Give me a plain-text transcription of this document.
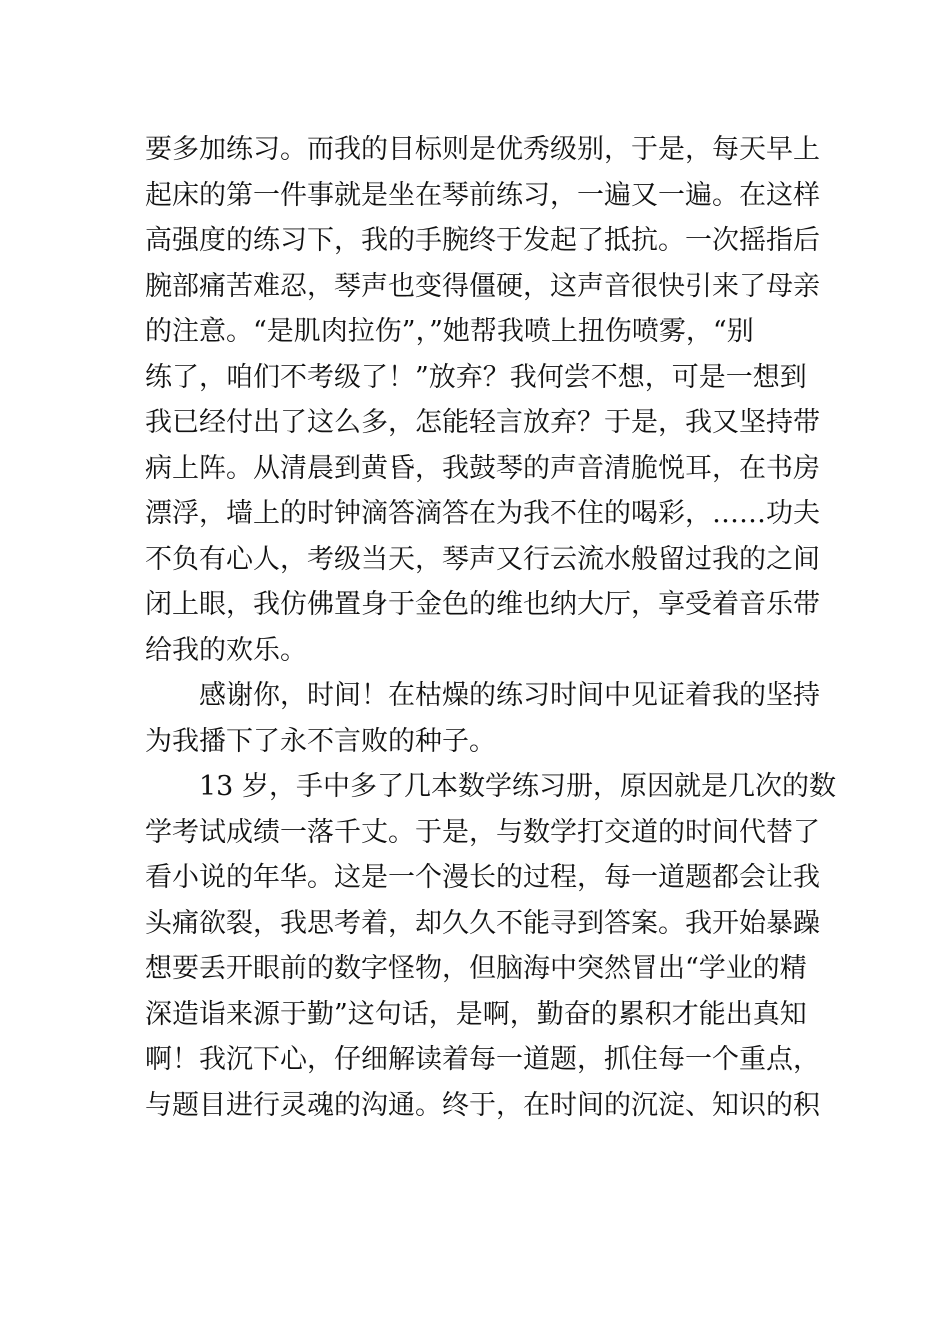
要多加练习。而我的目标则是优秀级别，于是，每天早上
起床的第一件事就是坐在琴前练习，一遍又一遍。在这样
高强度的练习下，我的手腕终于发起了抵抗。一次摇指后
腕部痛苦难忍，琴声也变得僵硬，这声音很快引来了母亲
的注意。“是肌肉拉伤”，”她帮我喷上扭伤喷雾，“别
练了，咱们不考级了！”放弃？我何尝不想，可是一想到
我已经付出了这么多，怎能轻言放弃？于是，我又坚持带
病上阵。从清晨到黄昏，我鼓琴的声音清脆悦耳，在书房
漂浮，墙上的时钟滴答滴答在为我不住的喝彩，……功夫
不负有心人，考级当天，琴声又行云流水般留过我的之间
闭上眼，我仿佛置身于金色的维也纳大厅，享受着音乐带
给我的欢乐。
感谢你，时间！在枯燥的练习时间中见证着我的坚持
为我播下了永不言败的种子。
13 岁，手中多了几本数学练习册，原因就是几次的数
学考试成绩一落千丈。于是，与数学打交道的时间代替了
看小说的年华。这是一个漫长的过程，每一道题都会让我
头痛欲裂，我思考着，却久久不能寻到答案。我开始暴躁
想要丢开眼前的数字怪物，但脑海中突然冒出“学业的精
深造诣来源于勤”这句话，是啊，勤奋的累积才能出真知
啊！我沉下心，仔细解读着每一道题，抓住每一个重点，
与题目进行灵魂的沟通。终于，在时间的沉淀、知识的积
